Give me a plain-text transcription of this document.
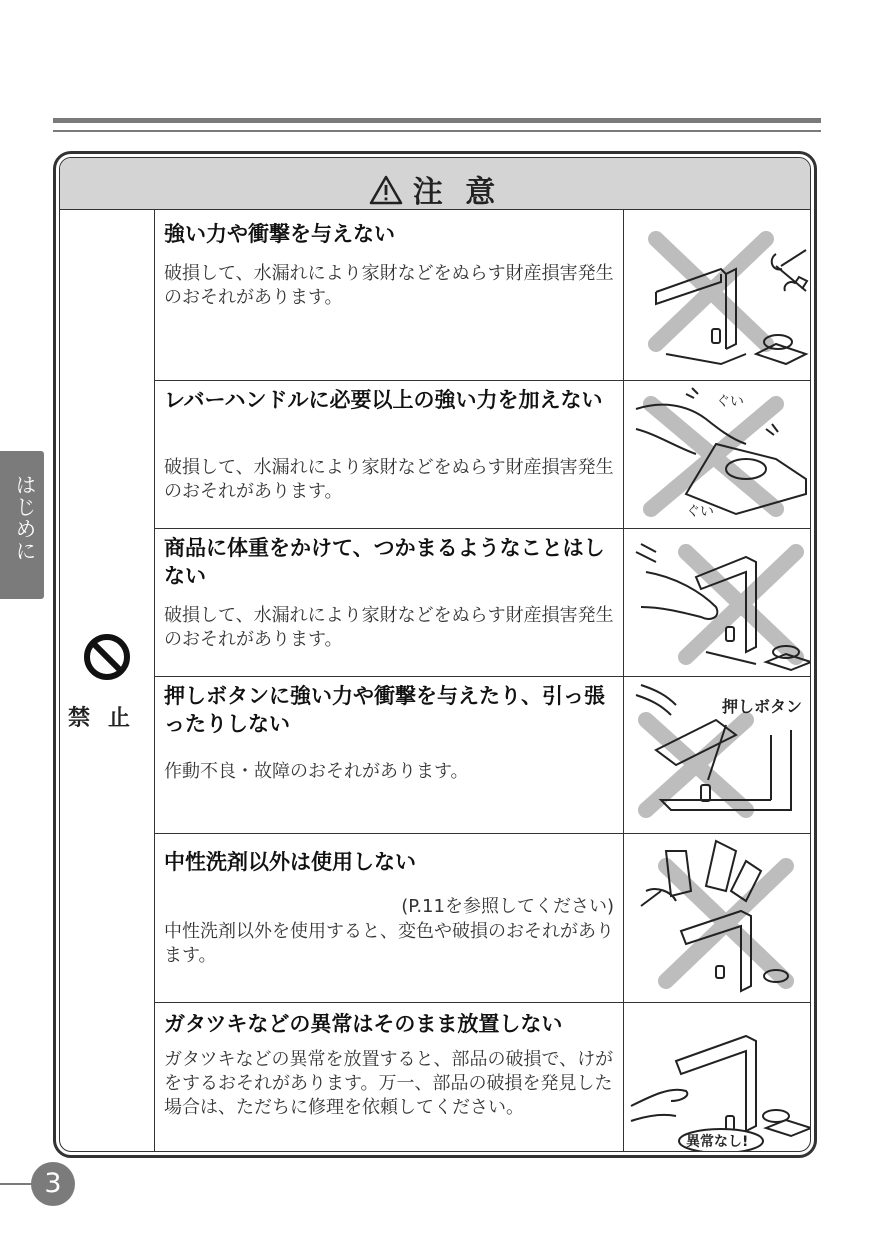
はじめに
3
注 意
禁止
強い力や衝撃を与えない
破損して、水漏れにより家財などをぬらす財産損害発生のおそれがあります。
レバーハンドルに必要以上の強い力を加えない
破損して、水漏れにより家財などをぬらす財産損害発生のおそれがあります。
ぐい
ぐい
商品に体重をかけて、つかまるようなことはしない
破損して、水漏れにより家財などをぬらす財産損害発生のおそれがあります。
押しボタンに強い力や衝撃を与えたり、引っ張ったりしない
作動不良・故障のおそれがあります。
押しボタン
中性洗剤以外は使用しない
(P.11を参照してください)
中性洗剤以外を使用すると、変色や破損のおそれがあります。
ガタツキなどの異常はそのまま放置しない
ガタツキなどの異常を放置すると、部品の破損で、けがをするおそれがあります。万一、部品の破損を発見した場合は、ただちに修理を依頼してください。
異常なし!
